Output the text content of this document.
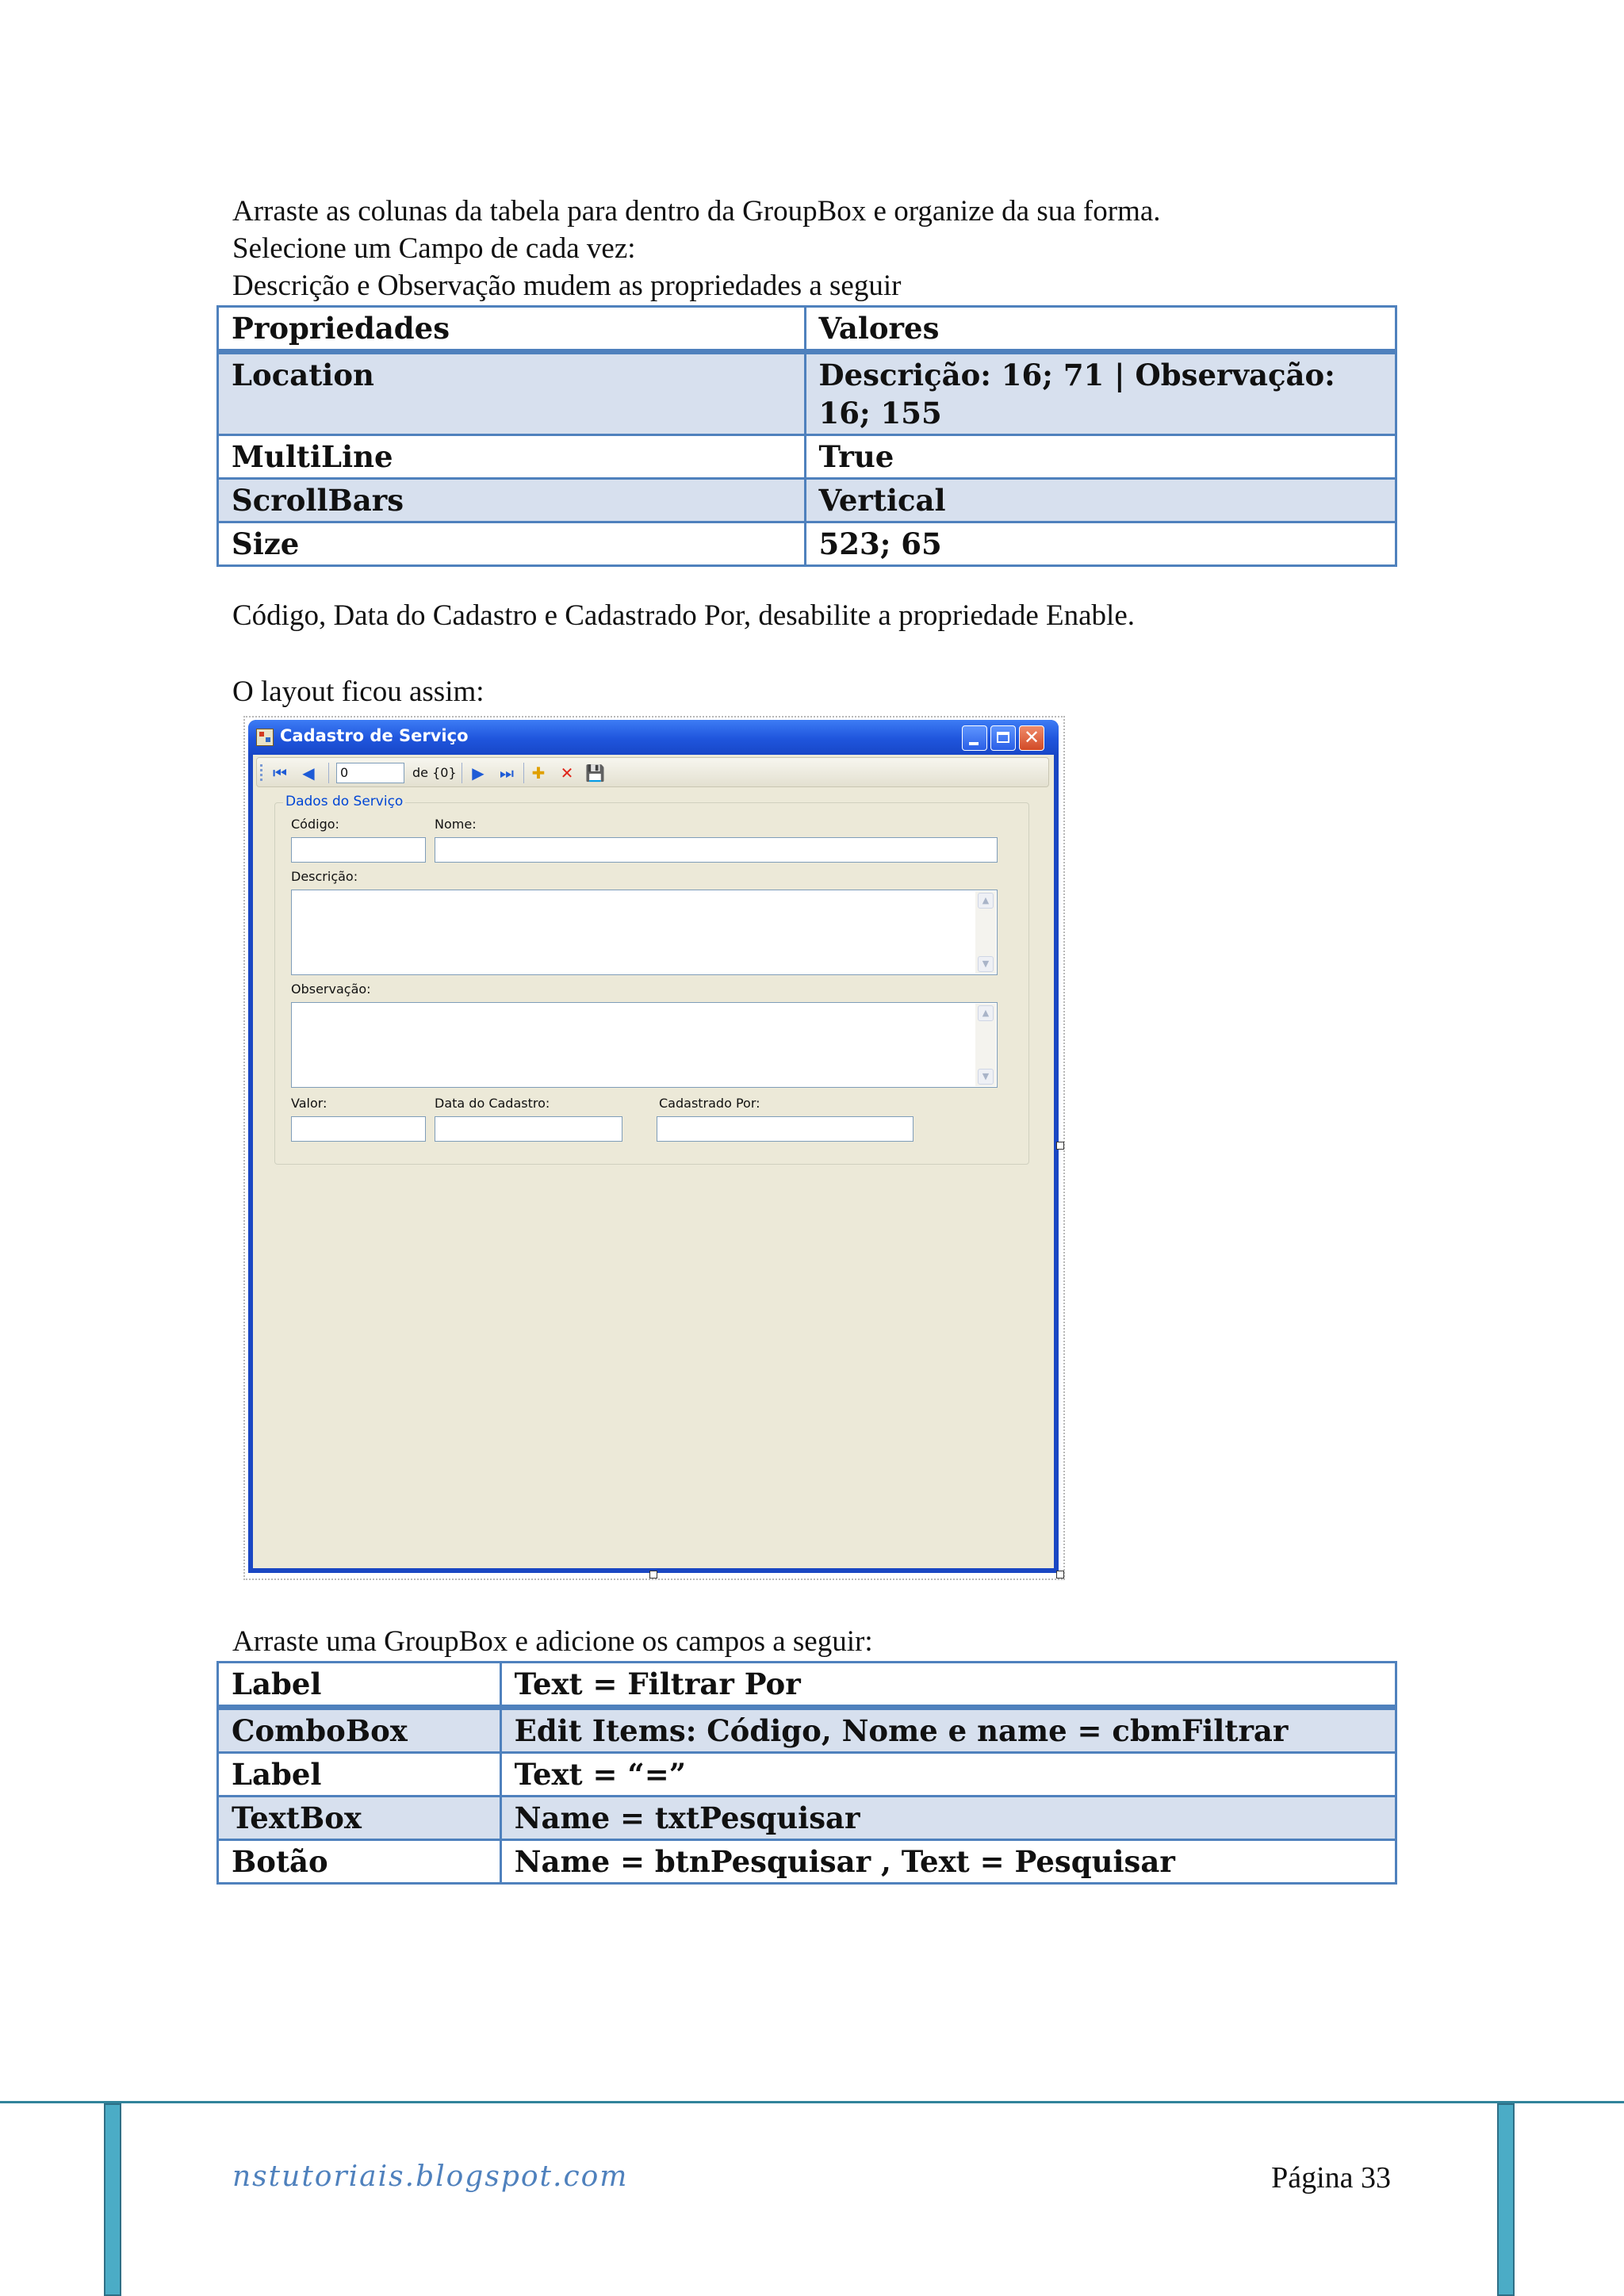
Arraste as colunas da tabela para dentro da GroupBox e organize da sua forma.
Selecione um Campo de cada vez:
Descrição e Observação mudem as propriedades a seguir
Propriedades	Valores
Location	Descrição: 16; 71 | Observação: 16; 155
MultiLine	True
ScrollBars	Vertical
Size	523; 65
Código, Data do Cadastro e Cadastrado Por, desabilite a propriedade Enable.
O layout ficou assim:
Cadastro de Serviço	✕
⏮ ◀	0	de {0} ▶ ⏭ ✚ ✕ 💾
Dados do Serviço
Código:	Nome:
Descrição:
▲
▼
Observação:
▲
▼
Valor:	Data do Cadastro:	Cadastrado Por:
Arraste uma GroupBox e adicione os campos a seguir:
Label	Text = Filtrar Por
ComboBox	Edit Items: Código, Nome e name = cbmFiltrar
Label	Text = “=”
TextBox	Name = txtPesquisar
Botão	Name = btnPesquisar , Text = Pesquisar
nstutoriais.blogspot.com	Página 33
